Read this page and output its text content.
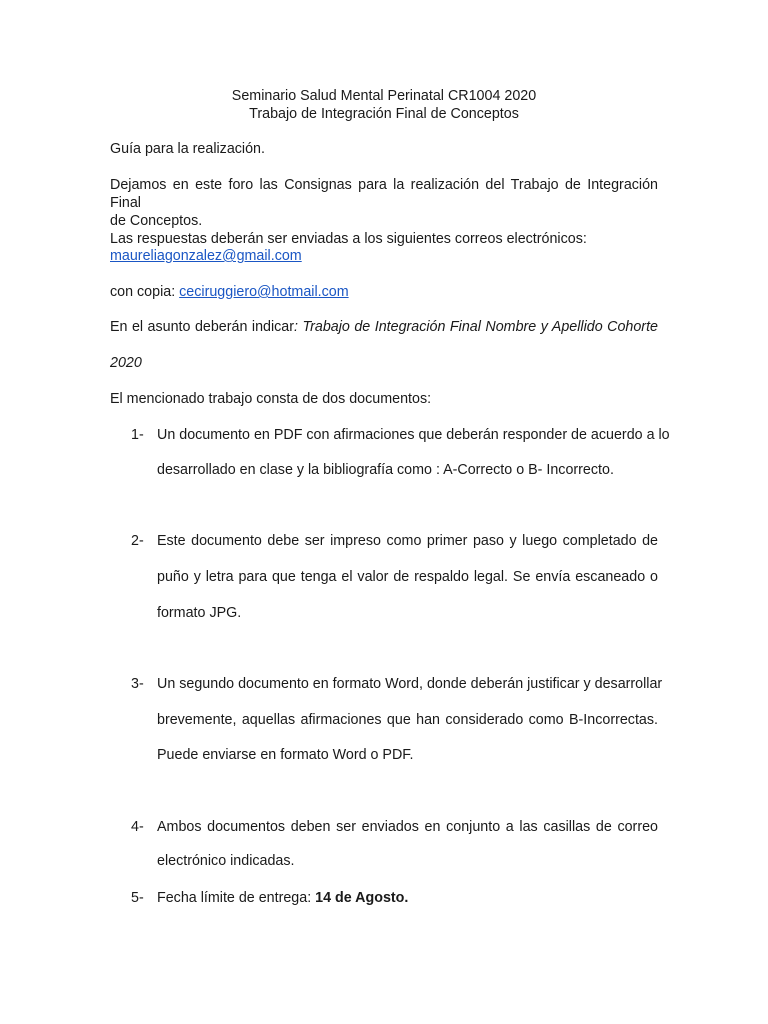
Seminario Salud Mental Perinatal CR1004 2020
Trabajo de Integración Final de Conceptos
Guía para la realización.
Dejamos en este foro las Consignas para la realización del Trabajo de Integración Final
de Conceptos.
Las respuestas deberán ser enviadas a los siguientes correos electrónicos:
maureliagonzalez@gmail.com
con copia: ceciruggiero@hotmail.com
En el asunto deberán indicar: Trabajo de Integración Final Nombre y Apellido Cohorte
2020
El mencionado trabajo consta de dos documentos:
1- Un documento en PDF con afirmaciones que deberán responder de acuerdo a lo
desarrollado en clase y la bibliografía como : A-Correcto o B- Incorrecto.
2- Este documento debe ser impreso como primer paso y luego completado de
puño y letra para que tenga el valor de respaldo legal. Se envía escaneado o
formato JPG.
3- Un segundo documento en formato Word, donde deberán justificar y desarrollar
brevemente, aquellas afirmaciones que han considerado como B-Incorrectas.
Puede enviarse en formato Word o PDF.
4- Ambos documentos deben ser enviados en conjunto a las casillas de correo
electrónico indicadas.
5- Fecha límite de entrega: 14 de Agosto.
